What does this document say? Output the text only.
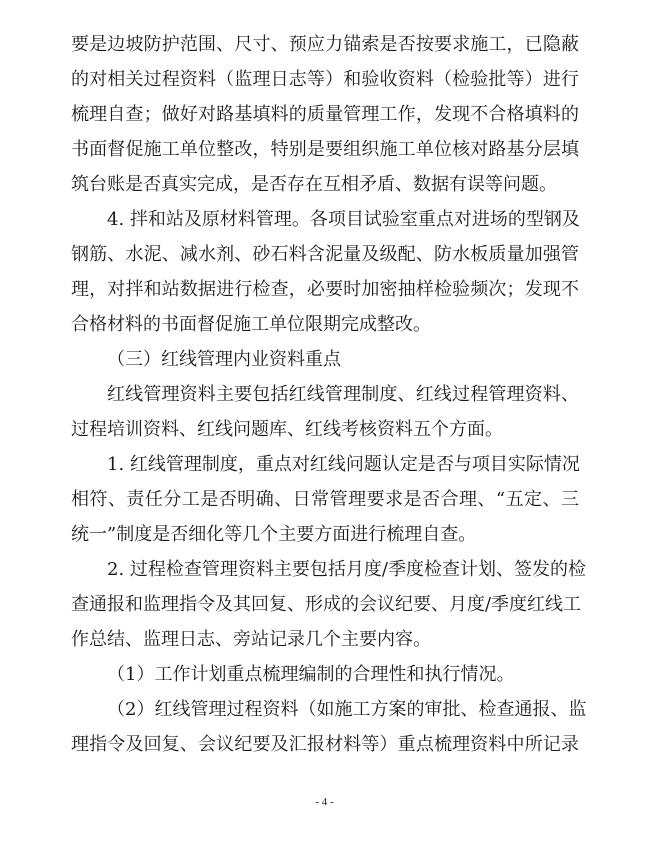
要是边坡防护范围、尺寸、预应力锚索是否按要求施工，已隐蔽
的对相关过程资料（监理日志等）和验收资料（检验批等）进行
梳理自查；做好对路基填料的质量管理工作，发现不合格填料的
书面督促施工单位整改，特别是要组织施工单位核对路基分层填
筑台账是否真实完成，是否存在互相矛盾、数据有误等问题。
4. 拌和站及原材料管理。各项目试验室重点对进场的型钢及
钢筋、水泥、减水剂、砂石料含泥量及级配、防水板质量加强管
理，对拌和站数据进行检查，必要时加密抽样检验频次；发现不
合格材料的书面督促施工单位限期完成整改。
（三）红线管理内业资料重点
红线管理资料主要包括红线管理制度、红线过程管理资料、
过程培训资料、红线问题库、红线考核资料五个方面。
1. 红线管理制度，重点对红线问题认定是否与项目实际情况
相符、责任分工是否明确、日常管理要求是否合理、“五定、三
统一”制度是否细化等几个主要方面进行梳理自查。
2. 过程检查管理资料主要包括月度/季度检查计划、签发的检
查通报和监理指令及其回复、形成的会议纪要、月度/季度红线工
作总结、监理日志、旁站记录几个主要内容。
（1）工作计划重点梳理编制的合理性和执行情况。
（2）红线管理过程资料（如施工方案的审批、检查通报、监
理指令及回复、会议纪要及汇报材料等）重点梳理资料中所记录
- 4 -
